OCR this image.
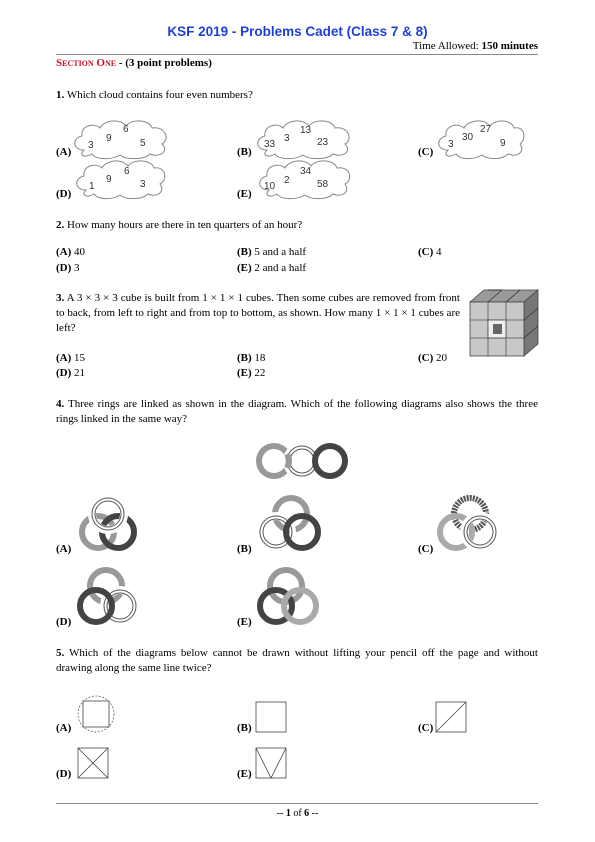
KSF 2019 - Problems Cadet (Class 7 & 8)
Time Allowed: 150 minutes
Section One - (3 point problems)
1. Which cloud contains four even numbers?
(A)
3
9
6
5
(B)
33
3
13
23
(C)
3
30
27
9
(D)
1
9
6
3
(E)
10
2
34
58
2. How many hours are there in ten quarters of an hour?
(A) 40	(B) 5 and a half	(C) 4
(D) 3	(E) 2 and a half
3. A 3 × 3 × 3 cube is built from 1 × 1 × 1 cubes. Then some cubes are removed from front to back, from left to right and from top to bottom, as shown. How many 1 × 1 × 1 cubes are left?
(A) 15	(B) 18	(C) 20
(D) 21	(E) 22
4. Three rings are linked as shown in the diagram. Which of the following diagrams also shows the three rings linked in the same way?
(A)	(B)	(C)
(D)	(E)
5. Which of the diagrams below cannot be drawn without lifting your pencil off the page and without drawing along the same line twice?
(A)	(B)	(C)
(D)	(E)
-- 1 of 6 --
